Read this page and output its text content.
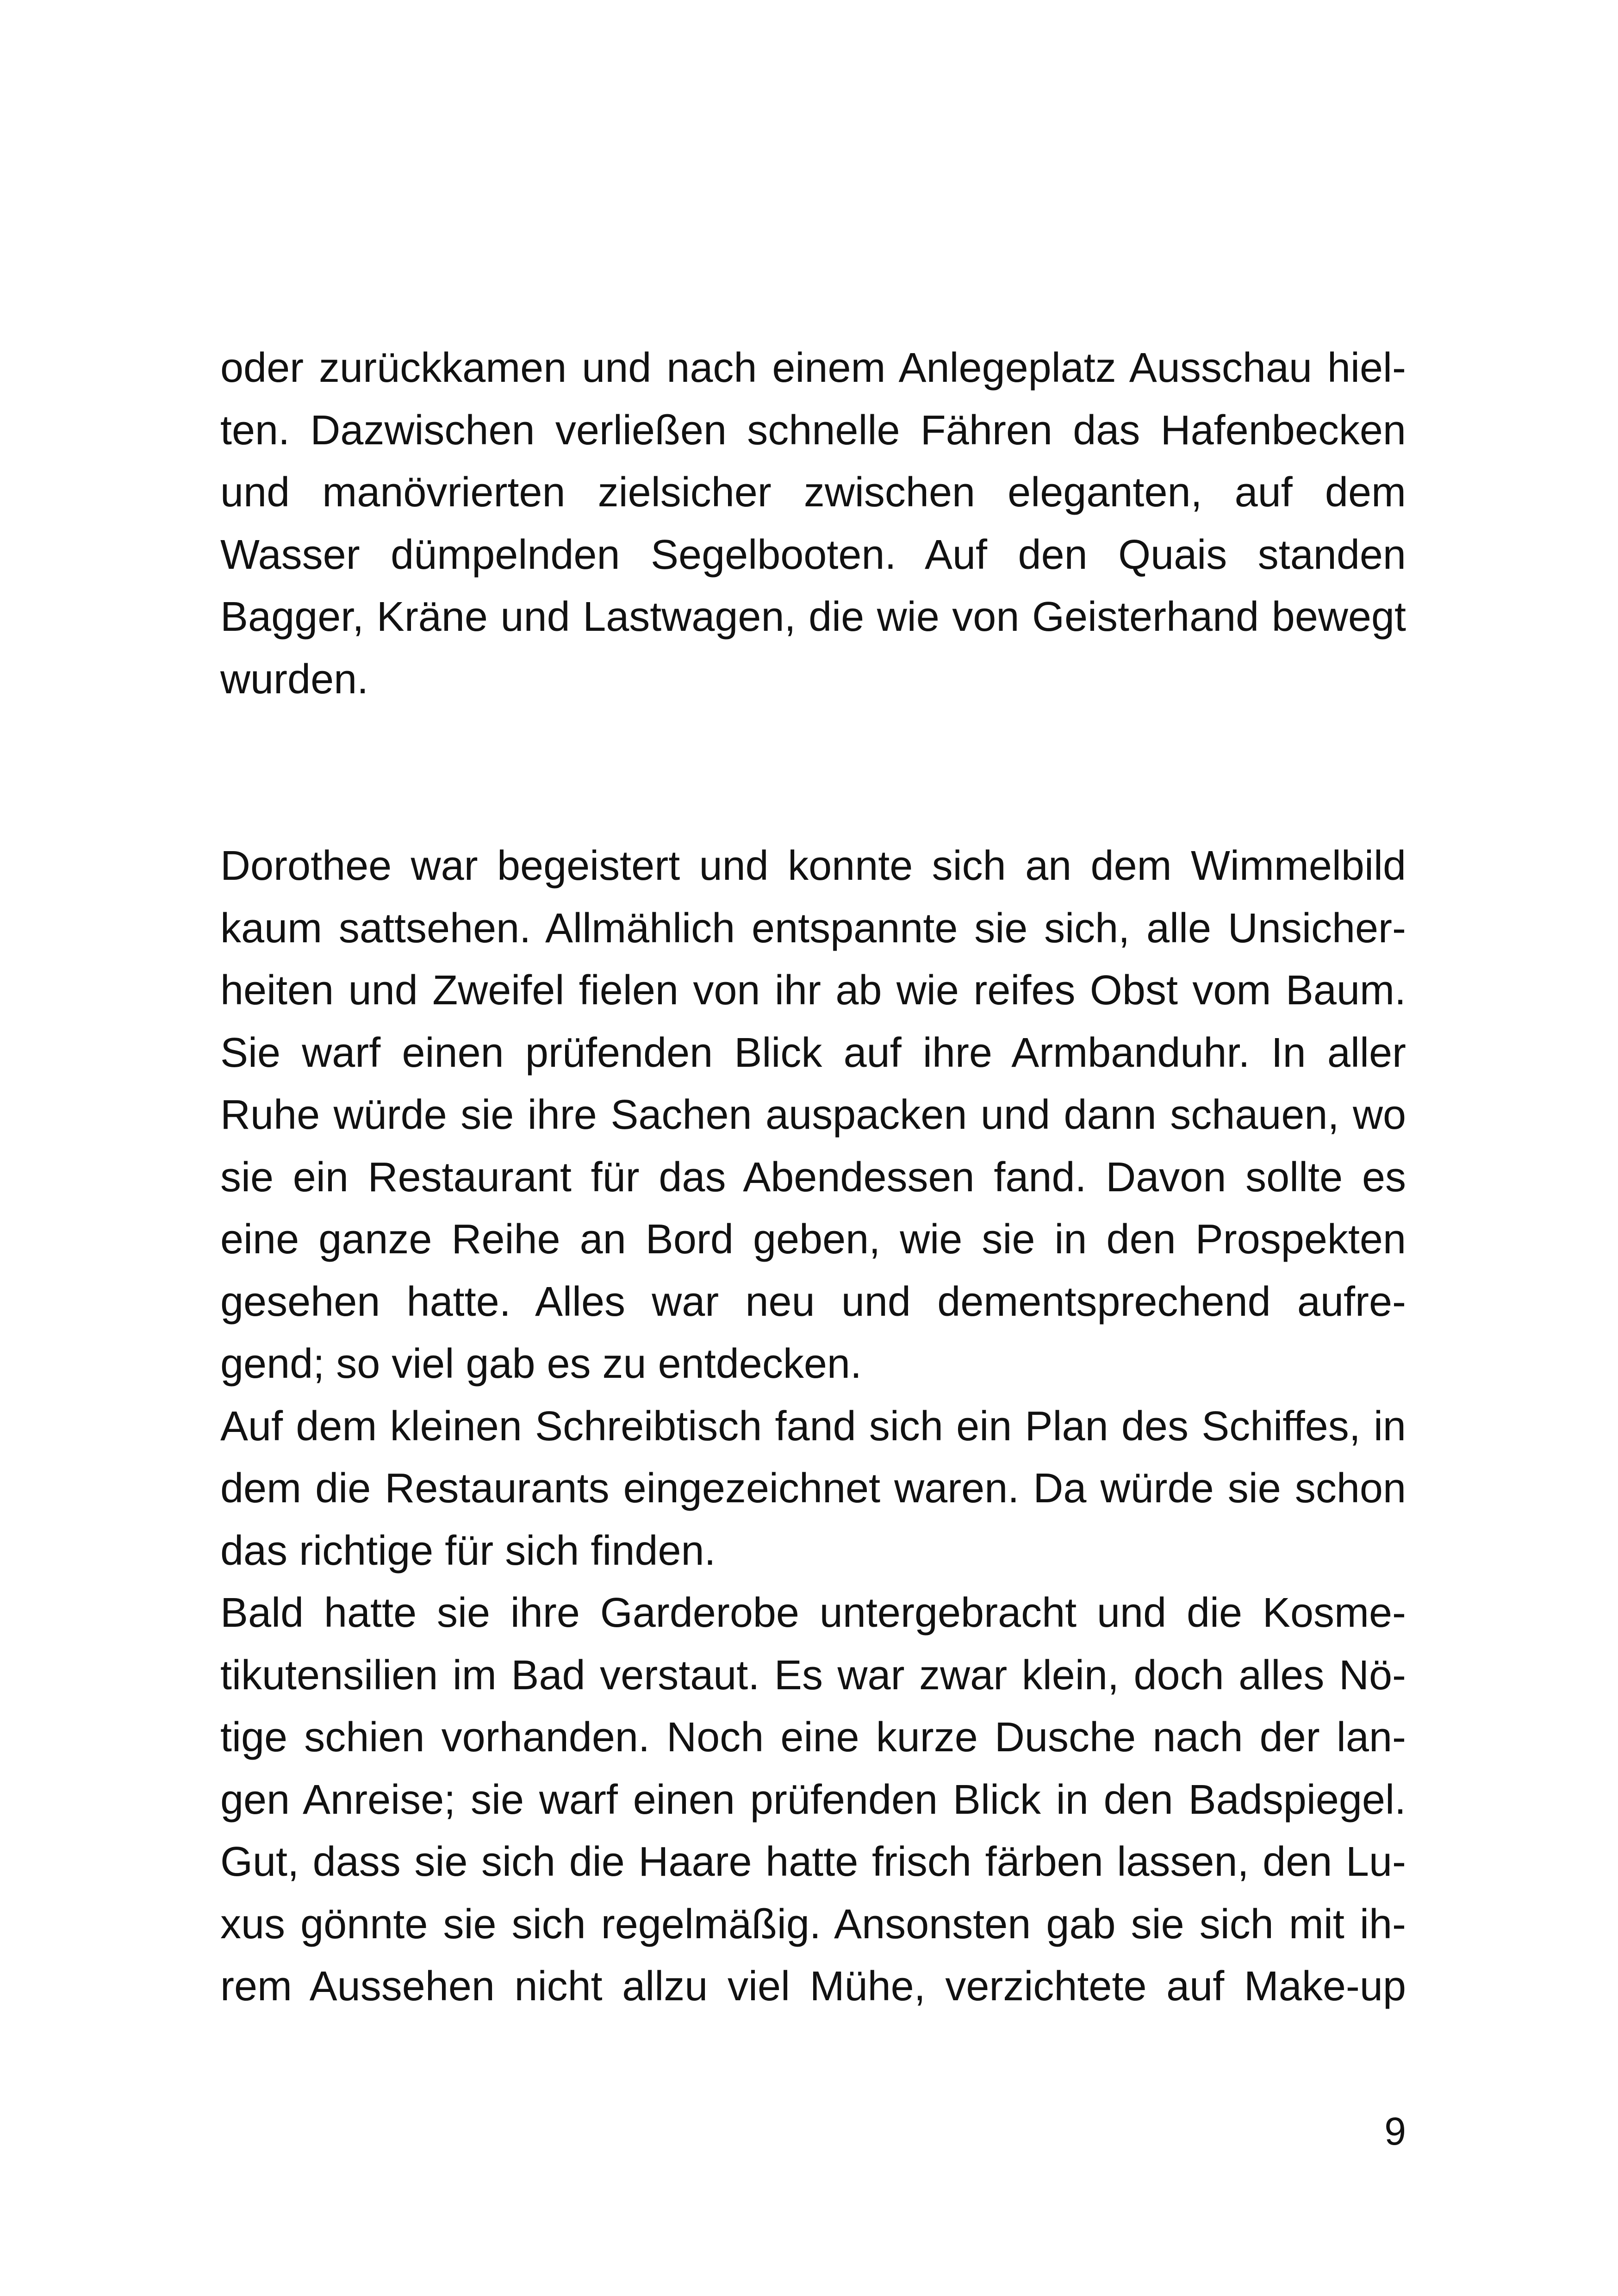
oder zurückkamen und nach einem Anlegeplatz Ausschau hiel-
ten. Dazwischen verließen schnelle Fähren das Hafenbecken
und manövrierten zielsicher zwischen eleganten, auf dem
Wasser dümpelnden Segelbooten. Auf den Quais standen
Bagger, Kräne und Lastwagen, die wie von Geisterhand bewegt
wurden.
Dorothee war begeistert und konnte sich an dem Wimmelbild
kaum sattsehen. Allmählich entspannte sie sich, alle Unsicher-
heiten und Zweifel fielen von ihr ab wie reifes Obst vom Baum.
Sie warf einen prüfenden Blick auf ihre Armbanduhr. In aller
Ruhe würde sie ihre Sachen auspacken und dann schauen, wo
sie ein Restaurant für das Abendessen fand. Davon sollte es
eine ganze Reihe an Bord geben, wie sie in den Prospekten
gesehen hatte. Alles war neu und dementsprechend aufre-
gend; so viel gab es zu entdecken.
Auf dem kleinen Schreibtisch fand sich ein Plan des Schiffes, in
dem die Restaurants eingezeichnet waren. Da würde sie schon
das richtige für sich finden.
Bald hatte sie ihre Garderobe untergebracht und die Kosme-
tikutensilien im Bad verstaut. Es war zwar klein, doch alles Nö-
tige schien vorhanden. Noch eine kurze Dusche nach der lan-
gen Anreise; sie warf einen prüfenden Blick in den Badspiegel.
Gut, dass sie sich die Haare hatte frisch färben lassen, den Lu-
xus gönnte sie sich regelmäßig. Ansonsten gab sie sich mit ih-
rem Aussehen nicht allzu viel Mühe, verzichtete auf Make-up
9
